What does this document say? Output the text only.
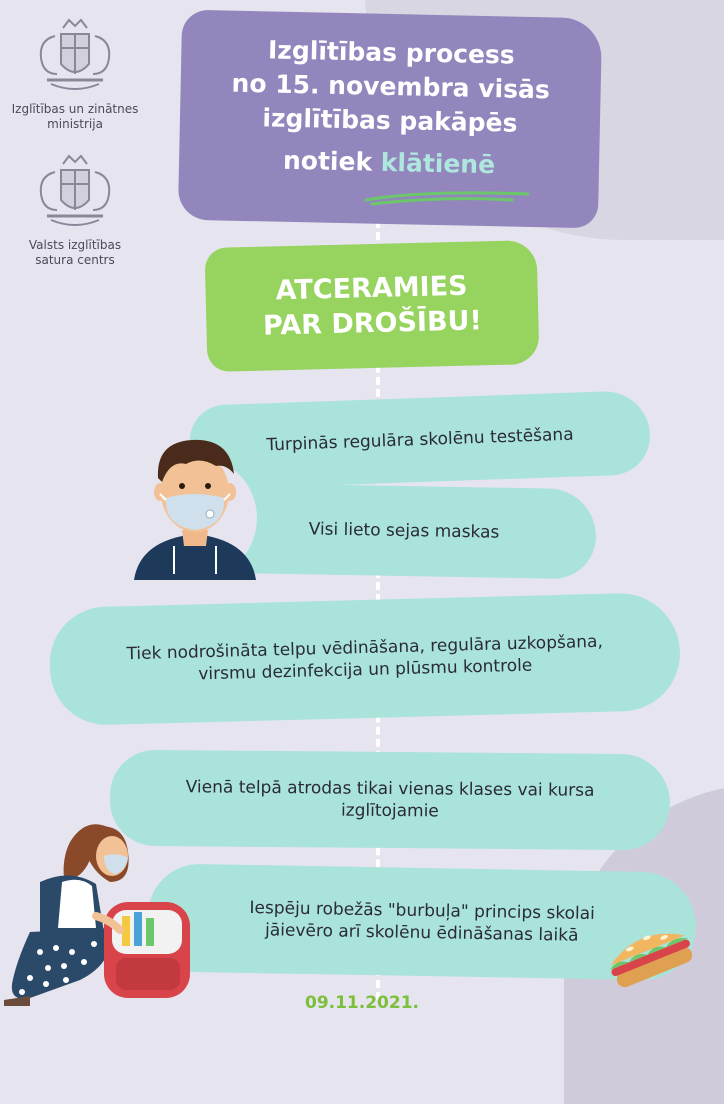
Izglītības un zinātnes
ministrija
Valsts izglītības
satura centrs
Izglītības process
no 15. novembra visās
izglītības pakāpēs
notiek klātienē
ATCERAMIES
PAR DROŠĪBU!
Turpinās regulāra skolēnu testēšana
Visi lieto sejas maskas
Tiek nodrošināta telpu vēdināšana, regulāra uzkopšana,
virsmu dezinfekcija un plūsmu kontrole
Vienā telpā atrodas tikai vienas klases vai kursa
izglītojamie
Iespēju robežās "burbuļa" princips skolai
jāievēro arī skolēnu ēdināšanas laikā
09.11.2021.
